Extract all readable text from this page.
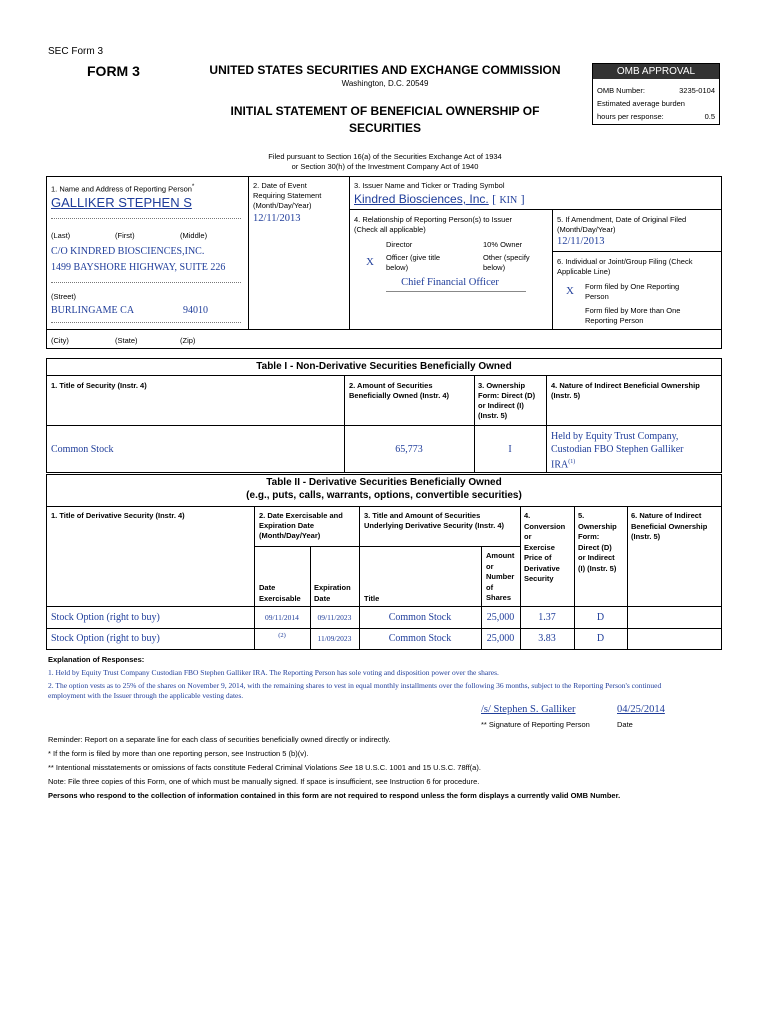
SEC Form 3
FORM 3	UNITED STATES SECURITIES AND EXCHANGE COMMISSION
Washington, D.C. 20549
INITIAL STATEMENT OF BENEFICIAL OWNERSHIP OF
SECURITIES
OMB APPROVAL
OMB Number:	3235-0104
Estimated average burden
hours per response:	0.5
Filed pursuant to Section 16(a) of the Securities Exchange Act of 1934
or Section 30(h) of the Investment Company Act of 1940
1. Name and Address of Reporting Person*
GALLIKER STEPHEN S
(Last)	(First)	(Middle)
C/O KINDRED BIOSCIENCES,INC.
1499 BAYSHORE HIGHWAY, SUITE 226
(Street)
BURLINGAME CA	94010
(City)	(State)	(Zip)
2. Date of Event
Requiring Statement
(Month/Day/Year)
12/11/2013
3. Issuer Name and Ticker or Trading Symbol
Kindred Biosciences, Inc. [ KIN ]
4. Relationship of Reporting Person(s) to Issuer
(Check all applicable)
Director	10% Owner
X Officer (give title
below)
Other (specify
below)
Chief Financial Officer
5. If Amendment, Date of Original Filed
(Month/Day/Year)
12/11/2013
6. Individual or Joint/Group Filing (Check
Applicable Line)
X Form filed by One Reporting
Person
Form filed by More than One
Reporting Person
Table I - Non-Derivative Securities Beneficially Owned
1. Title of Security (Instr. 4)	2. Amount of Securities
Beneficially Owned (Instr. 4)
3. Ownership
Form: Direct (D)
or Indirect (I)
(Instr. 5)
4. Nature of Indirect Beneficial Ownership
(Instr. 5)
Common Stock	65,773	I
Held by Equity Trust Company,
Custodian FBO Stephen Galliker
IRA$^{(1)}$
Table II - Derivative Securities Beneficially Owned
(e.g., puts, calls, warrants, options, convertible securities)
1. Title of Derivative Security (Instr. 4)	2. Date Exercisable and
Expiration Date
(Month/Day/Year)
3. Title and Amount of Securities
Underlying Derivative Security (Instr. 4)
4.
Conversion
or
Exercise
Price of
Derivative
Security
5.
Ownership
Form:
Direct (D)
or Indirect
(I) (Instr. 5)
6. Nature of Indirect
Beneficial Ownership
(Instr. 5)
Date
Exercisable
Expiration
Date	Title
Amount
or
Number
of
Shares
Stock Option (right to buy)	09/11/2014	09/11/2023	Common Stock	25,000	1.37	D
Stock Option (right to buy)	(2)	11/09/2023	Common Stock	25,000	3.83	D
Explanation of Responses:
1. Held by Equity Trust Company Custodian FBO Stephen Galliker IRA. The Reporting Person has sole voting and disposition power over the shares.
2. The option vests as to 25% of the shares on November 9, 2014, with the remaining shares to vest in equal monthly installments over the following 36 months, subject to the Reporting Person's continued
employment with the Issuer through the applicable vesting dates.
/s/ Stephen S. Galliker	04/25/2014
** Signature of Reporting Person	Date
Reminder: Report on a separate line for each class of securities beneficially owned directly or indirectly.
* If the form is filed by more than one reporting person, see Instruction 5 (b)(v).
** Intentional misstatements or omissions of facts constitute Federal Criminal Violations See 18 U.S.C. 1001 and 15 U.S.C. 78ff(a).
Note: File three copies of this Form, one of which must be manually signed. If space is insufficient, see Instruction 6 for procedure.
Persons who respond to the collection of information contained in this form are not required to respond unless the form displays a currently valid OMB Number.
